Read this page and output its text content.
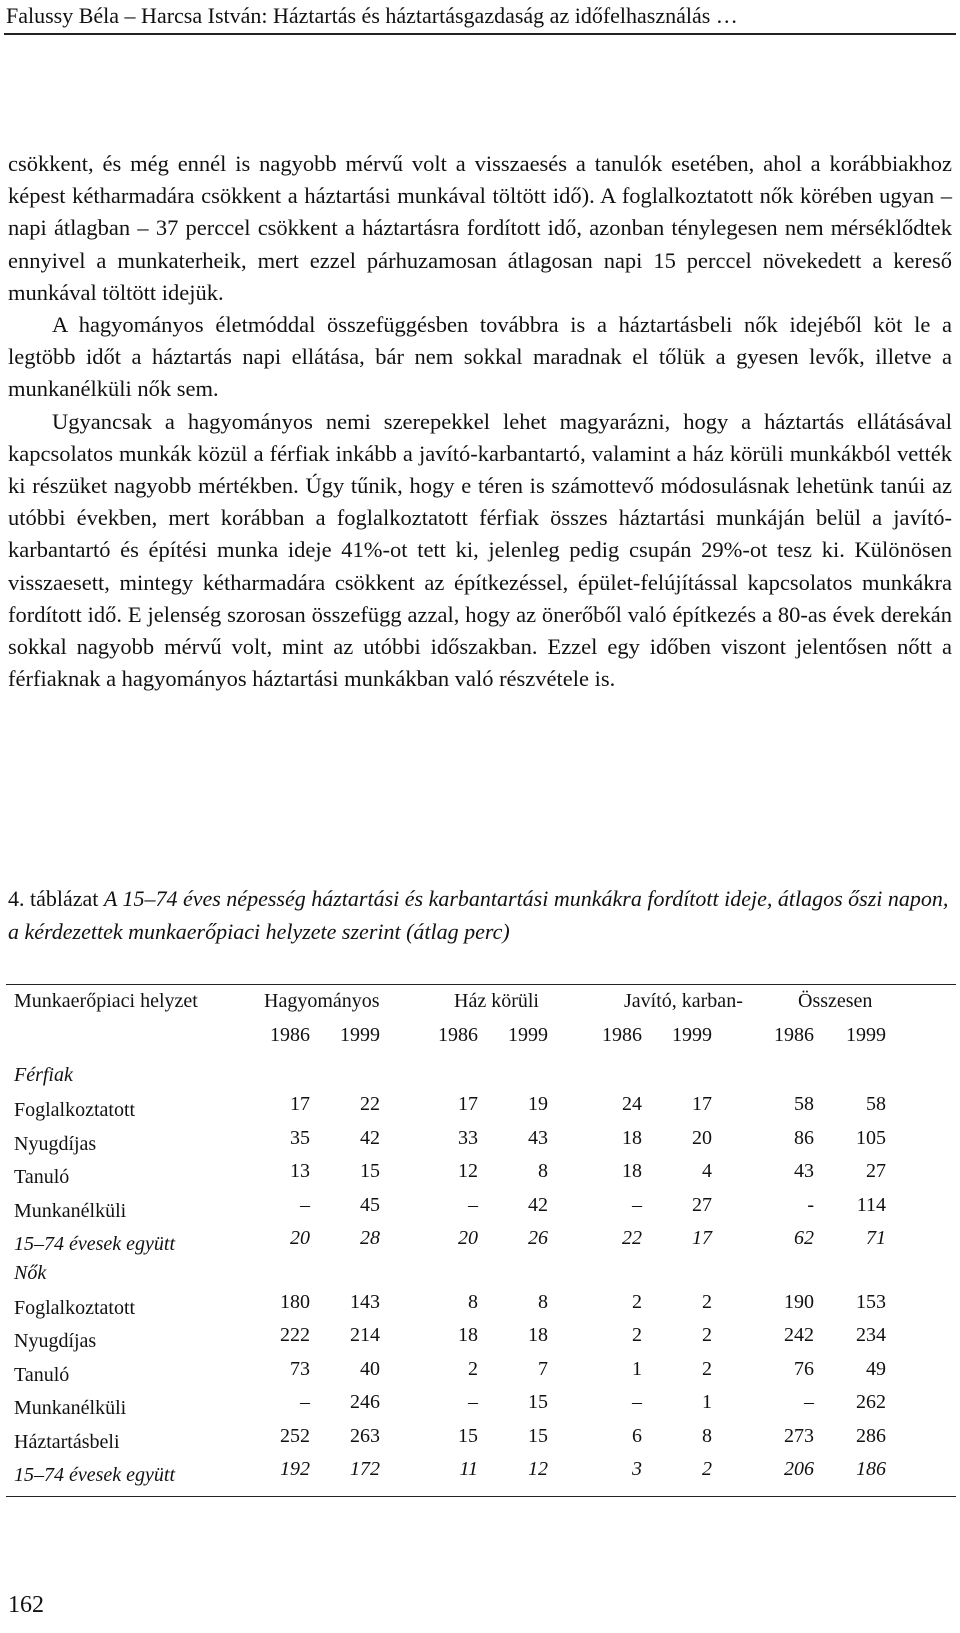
Falussy Béla – Harcsa István: Háztartás és háztartásgazdaság az időfelhasználás …

csökkent, és még ennél is nagyobb mérvű volt a visszaesés a tanulók esetében, ahol a korábbiakhoz képest kétharmadára csökkent a háztartási munkával töltött idő). A foglalkoztatott nők körében ugyan – napi átlagban – 37 perccel csökkent a háztartásra fordított idő, azonban ténylegesen nem mérséklődtek ennyivel a munkaterheik, mert ezzel párhuzamosan átlagosan napi 15 perccel növekedett a kereső munkával töltött idejük.

A hagyományos életmóddal összefüggésben továbbra is a háztartásbeli nők idejéből köt le a legtöbb időt a háztartás napi ellátása, bár nem sokkal maradnak el tőlük a gyesen levők, illetve a munkanélküli nők sem.

Ugyancsak a hagyományos nemi szerepekkel lehet magyarázni, hogy a háztartás ellátásával kapcsolatos munkák közül a férfiak inkább a javító-karbantartó, valamint a ház körüli munkákból vették ki részüket nagyobb mértékben. Úgy tűnik, hogy e téren is számottevő módosulásnak lehetünk tanúi az utóbbi években, mert korábban a foglalkoztatott férfiak összes háztartási munkáján belül a javító-karbantartó és építési munka ideje 41%-ot tett ki, jelenleg pedig csupán 29%-ot tesz ki. Különösen visszaesett, mintegy kétharmadára csökkent az építkezéssel, épület-felújítással kapcsolatos munkákra fordított idő. E jelenség szorosan összefügg azzal, hogy az önerőből való építkezés a 80-as évek derekán sokkal nagyobb mérvű volt, mint az utóbbi időszakban. Ezzel egy időben viszont jelentősen nőtt a férfiaknak a hagyományos háztartási munkákban való részvétele is.

4. táblázat A 15–74 éves népesség háztartási és karbantartási munkákra fordított ideje, átlagos őszi napon, a kérdezettek munkaerőpiaci helyzete szerint (átlag perc)
Munkaerőpiaci helyzet	Hagyományos	Ház körüli	Javító, karban-	Összesen
1986	1999	1986	1999	1986	1999	1986	1999
Férfiak
Foglalkoztatott	17	22	17	19	24	17	58	58
Nyugdíjas	35	42	33	43	18	20	86	105
Tanuló	13	15	12	8	18	4	43	27
Munkanélküli	–	45	–	42	–	27	-	114
15–74 évesek együtt	20	28	20	26	22	17	62	71
Nők
Foglalkoztatott	180	143	8	8	2	2	190	153
Nyugdíjas	222	214	18	18	2	2	242	234
Tanuló	73	40	2	7	1	2	76	49
Munkanélküli	–	246	–	15	–	1	–	262
Háztartásbeli	252	263	15	15	6	8	273	286
15–74 évesek együtt	192	172	11	12	3	2	206	186
162
